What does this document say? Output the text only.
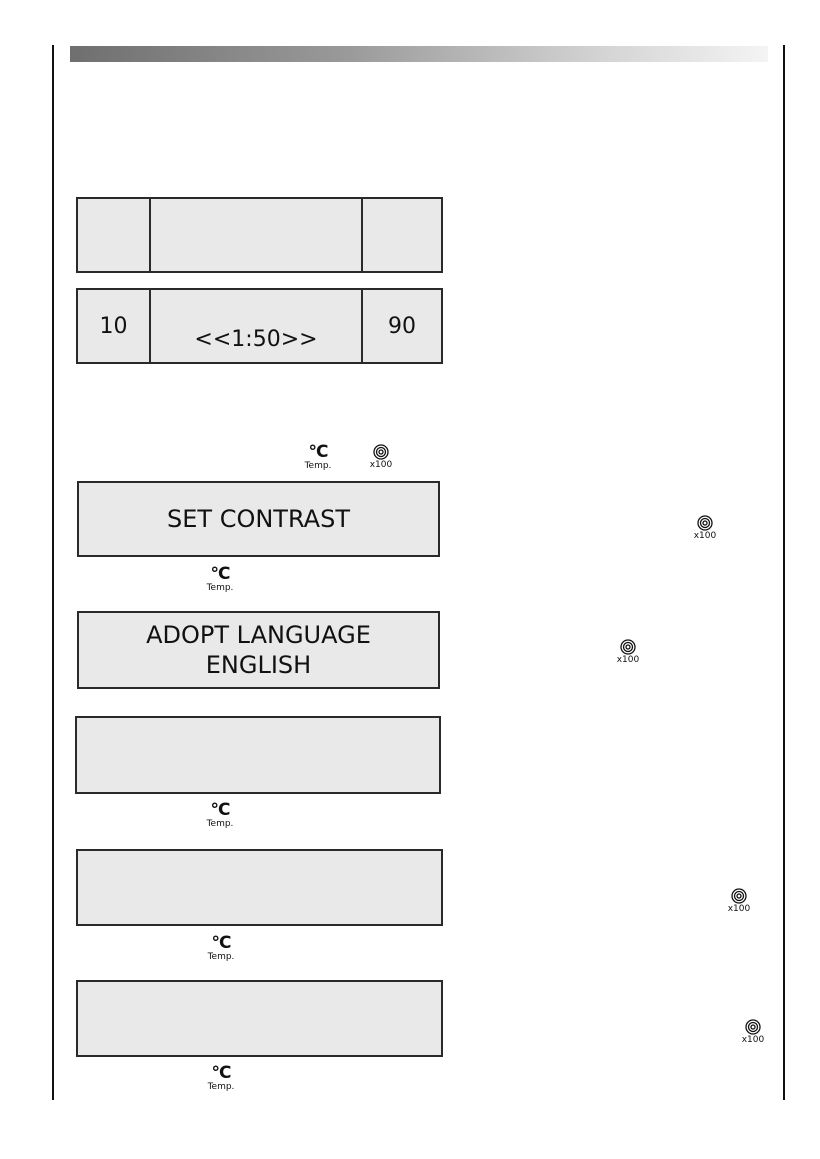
10
<<1:50>>
90
°C
Temp.	x100
SET CONTRAST
°C
Temp.
x100
ADOPT LANGUAGE
ENGLISH	x100
°C
Temp.
°C
Temp.
x100
°C
Temp.
x100
